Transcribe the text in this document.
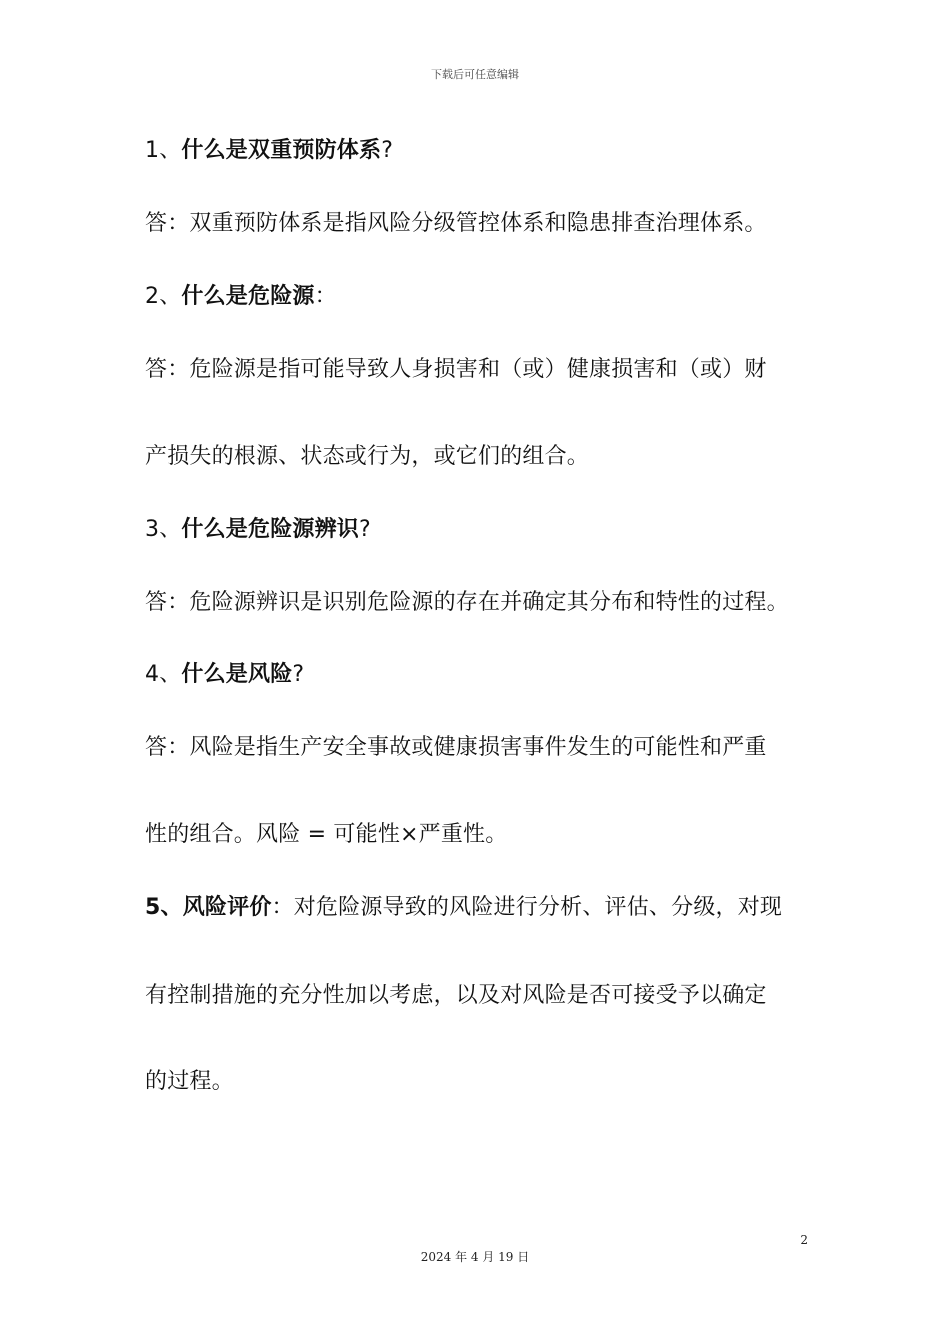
下载后可任意编辑
1、什么是双重预防体系?
答：双重预防体系是指风险分级管控体系和隐患排查治理体系。
2、什么是危险源：
答：危险源是指可能导致人身损害和（或）健康损害和（或）财
产损失的根源、状态或行为，或它们的组合。
3、什么是危险源辨识?
答：危险源辨识是识别危险源的存在并确定其分布和特性的过程。
4、什么是风险?
答：风险是指生产安全事故或健康损害事件发生的可能性和严重
性的组合。风险 = 可能性×严重性。
5、风险评价：对危险源导致的风险进行分析、评估、分级，对现
有控制措施的充分性加以考虑，以及对风险是否可接受予以确定
的过程。
2
2024 年 4 月 19 日
